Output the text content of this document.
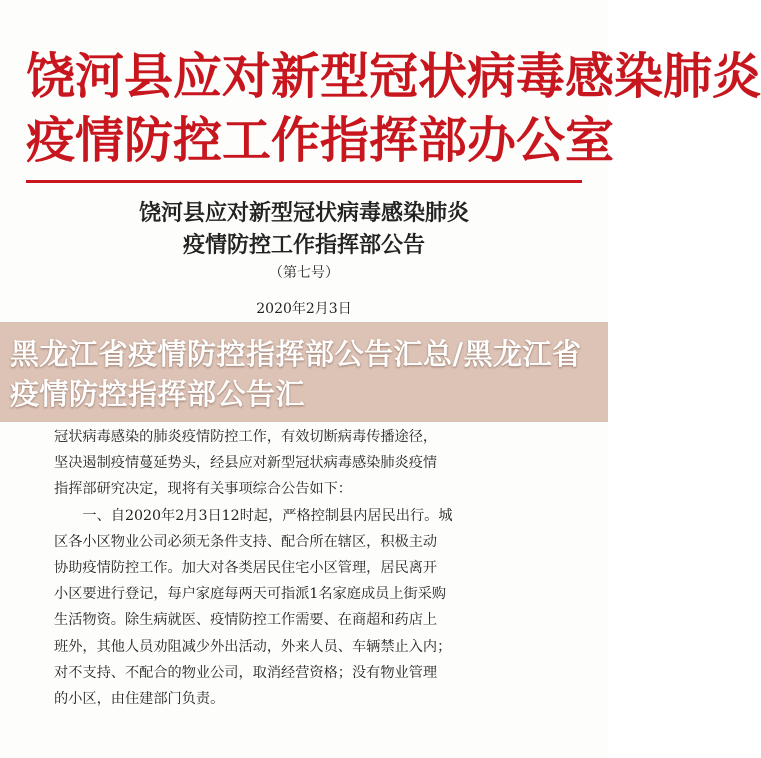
饶河县应对新型冠状病毒感染肺炎
疫情防控工作指挥部办公室
饶河县应对新型冠状病毒感染肺炎
疫情防控工作指挥部公告
（第七号）
2020年2月3日
冠状病毒感染的肺炎疫情防控工作，有效切断病毒传播途径，
坚决遏制疫情蔓延势头，经县应对新型冠状病毒感染肺炎疫情
指挥部研究决定，现将有关事项综合公告如下：
　　一、自2020年2月3日12时起，严格控制县内居民出行。城
区各小区物业公司必须无条件支持、配合所在辖区，积极主动
协助疫情防控工作。加大对各类居民住宅小区管理，居民离开
小区要进行登记，每户家庭每两天可指派1名家庭成员上街采购
生活物资。除生病就医、疫情防控工作需要、在商超和药店上
班外，其他人员劝阻减少外出活动，外来人员、车辆禁止入内；
对不支持、不配合的物业公司，取消经营资格；没有物业管理
的小区，由住建部门负责。
黑龙江省疫情防控指挥部公告汇总/黑龙江省疫情防控指挥部公告汇
